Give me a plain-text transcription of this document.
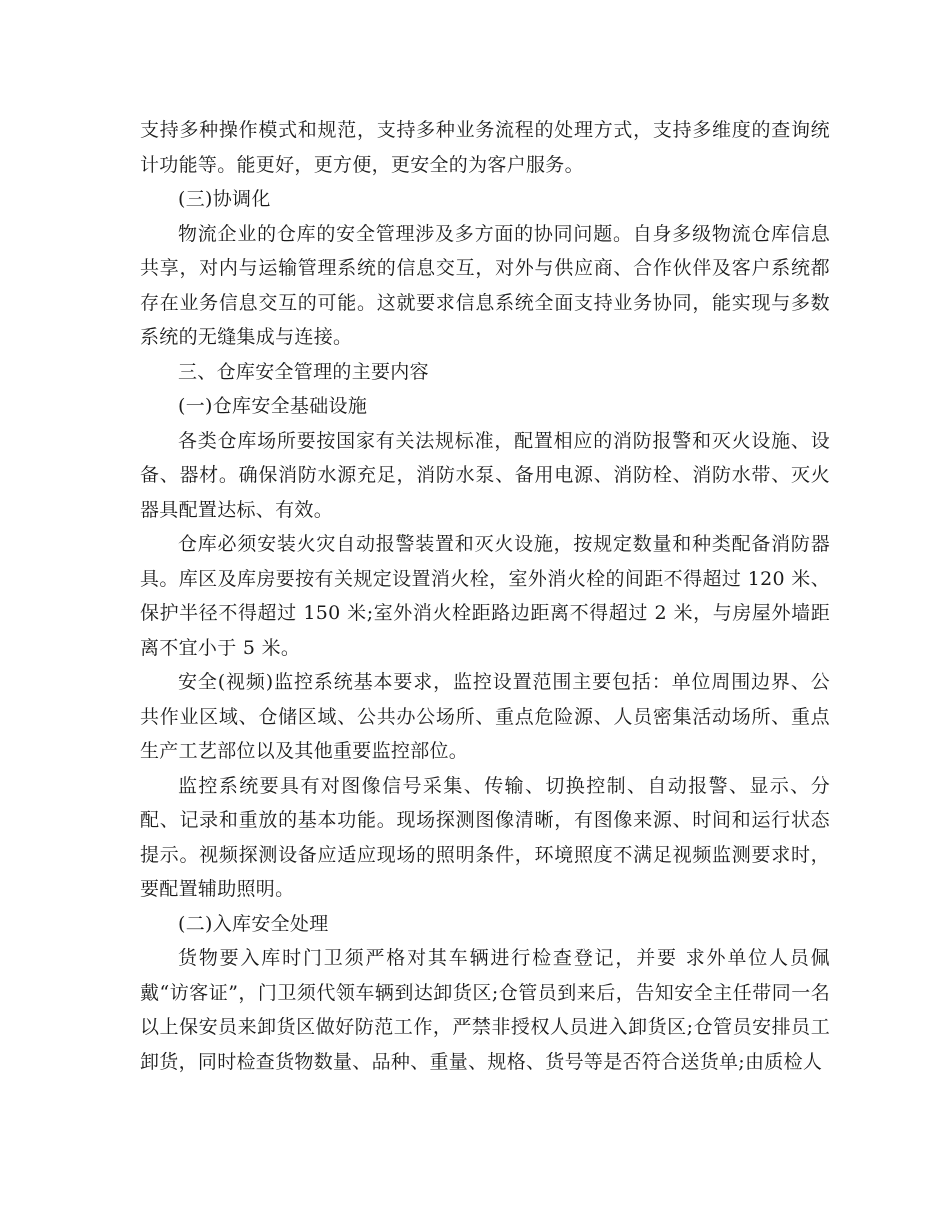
支持多种操作模式和规范，支持多种业务流程的处理方式，支持多维度的查询统计功能等。能更好，更方便，更安全的为客户服务。

(三)协调化

物流企业的仓库的安全管理涉及多方面的协同问题。自身多级物流仓库信息共享，对内与运输管理系统的信息交互，对外与供应商、合作伙伴及客户系统都存在业务信息交互的可能。这就要求信息系统全面支持业务协同，能实现与多数系统的无缝集成与连接。

三、仓库安全管理的主要内容

(一)仓库安全基础设施

各类仓库场所要按国家有关法规标准，配置相应的消防报警和灭火设施、设备、器材。确保消防水源充足，消防水泵、备用电源、消防栓、消防水带、灭火器具配置达标、有效。

仓库必须安装火灾自动报警装置和灭火设施，按规定数量和种类配备消防器具。库区及库房要按有关规定设置消火栓，室外消火栓的间距不得超过 120 米、保护半径不得超过 150 米;室外消火栓距路边距离不得超过 2 米，与房屋外墙距离不宜小于 5 米。

安全(视频)监控系统基本要求，监控设置范围主要包括：单位周围边界、公共作业区域、仓储区域、公共办公场所、重点危险源、人员密集活动场所、重点生产工艺部位以及其他重要监控部位。

监控系统要具有对图像信号采集、传输、切换控制、自动报警、显示、分配、记录和重放的基本功能。现场探测图像清晰，有图像来源、时间和运行状态提示。视频探测设备应适应现场的照明条件，环境照度不满足视频监测要求时，要配置辅助照明。

(二)入库安全处理

货物要入库时门卫须严格对其车辆进行检查登记，并要 求外单位人员佩戴“访客证”，门卫须代领车辆到达卸货区;仓管员到来后，告知安全主任带同一名以上保安员来卸货区做好防范工作，严禁非授权人员进入卸货区;仓管员安排员工卸货，同时检查货物数量、品种、重量、规格、货号等是否符合送货单;由质检人
